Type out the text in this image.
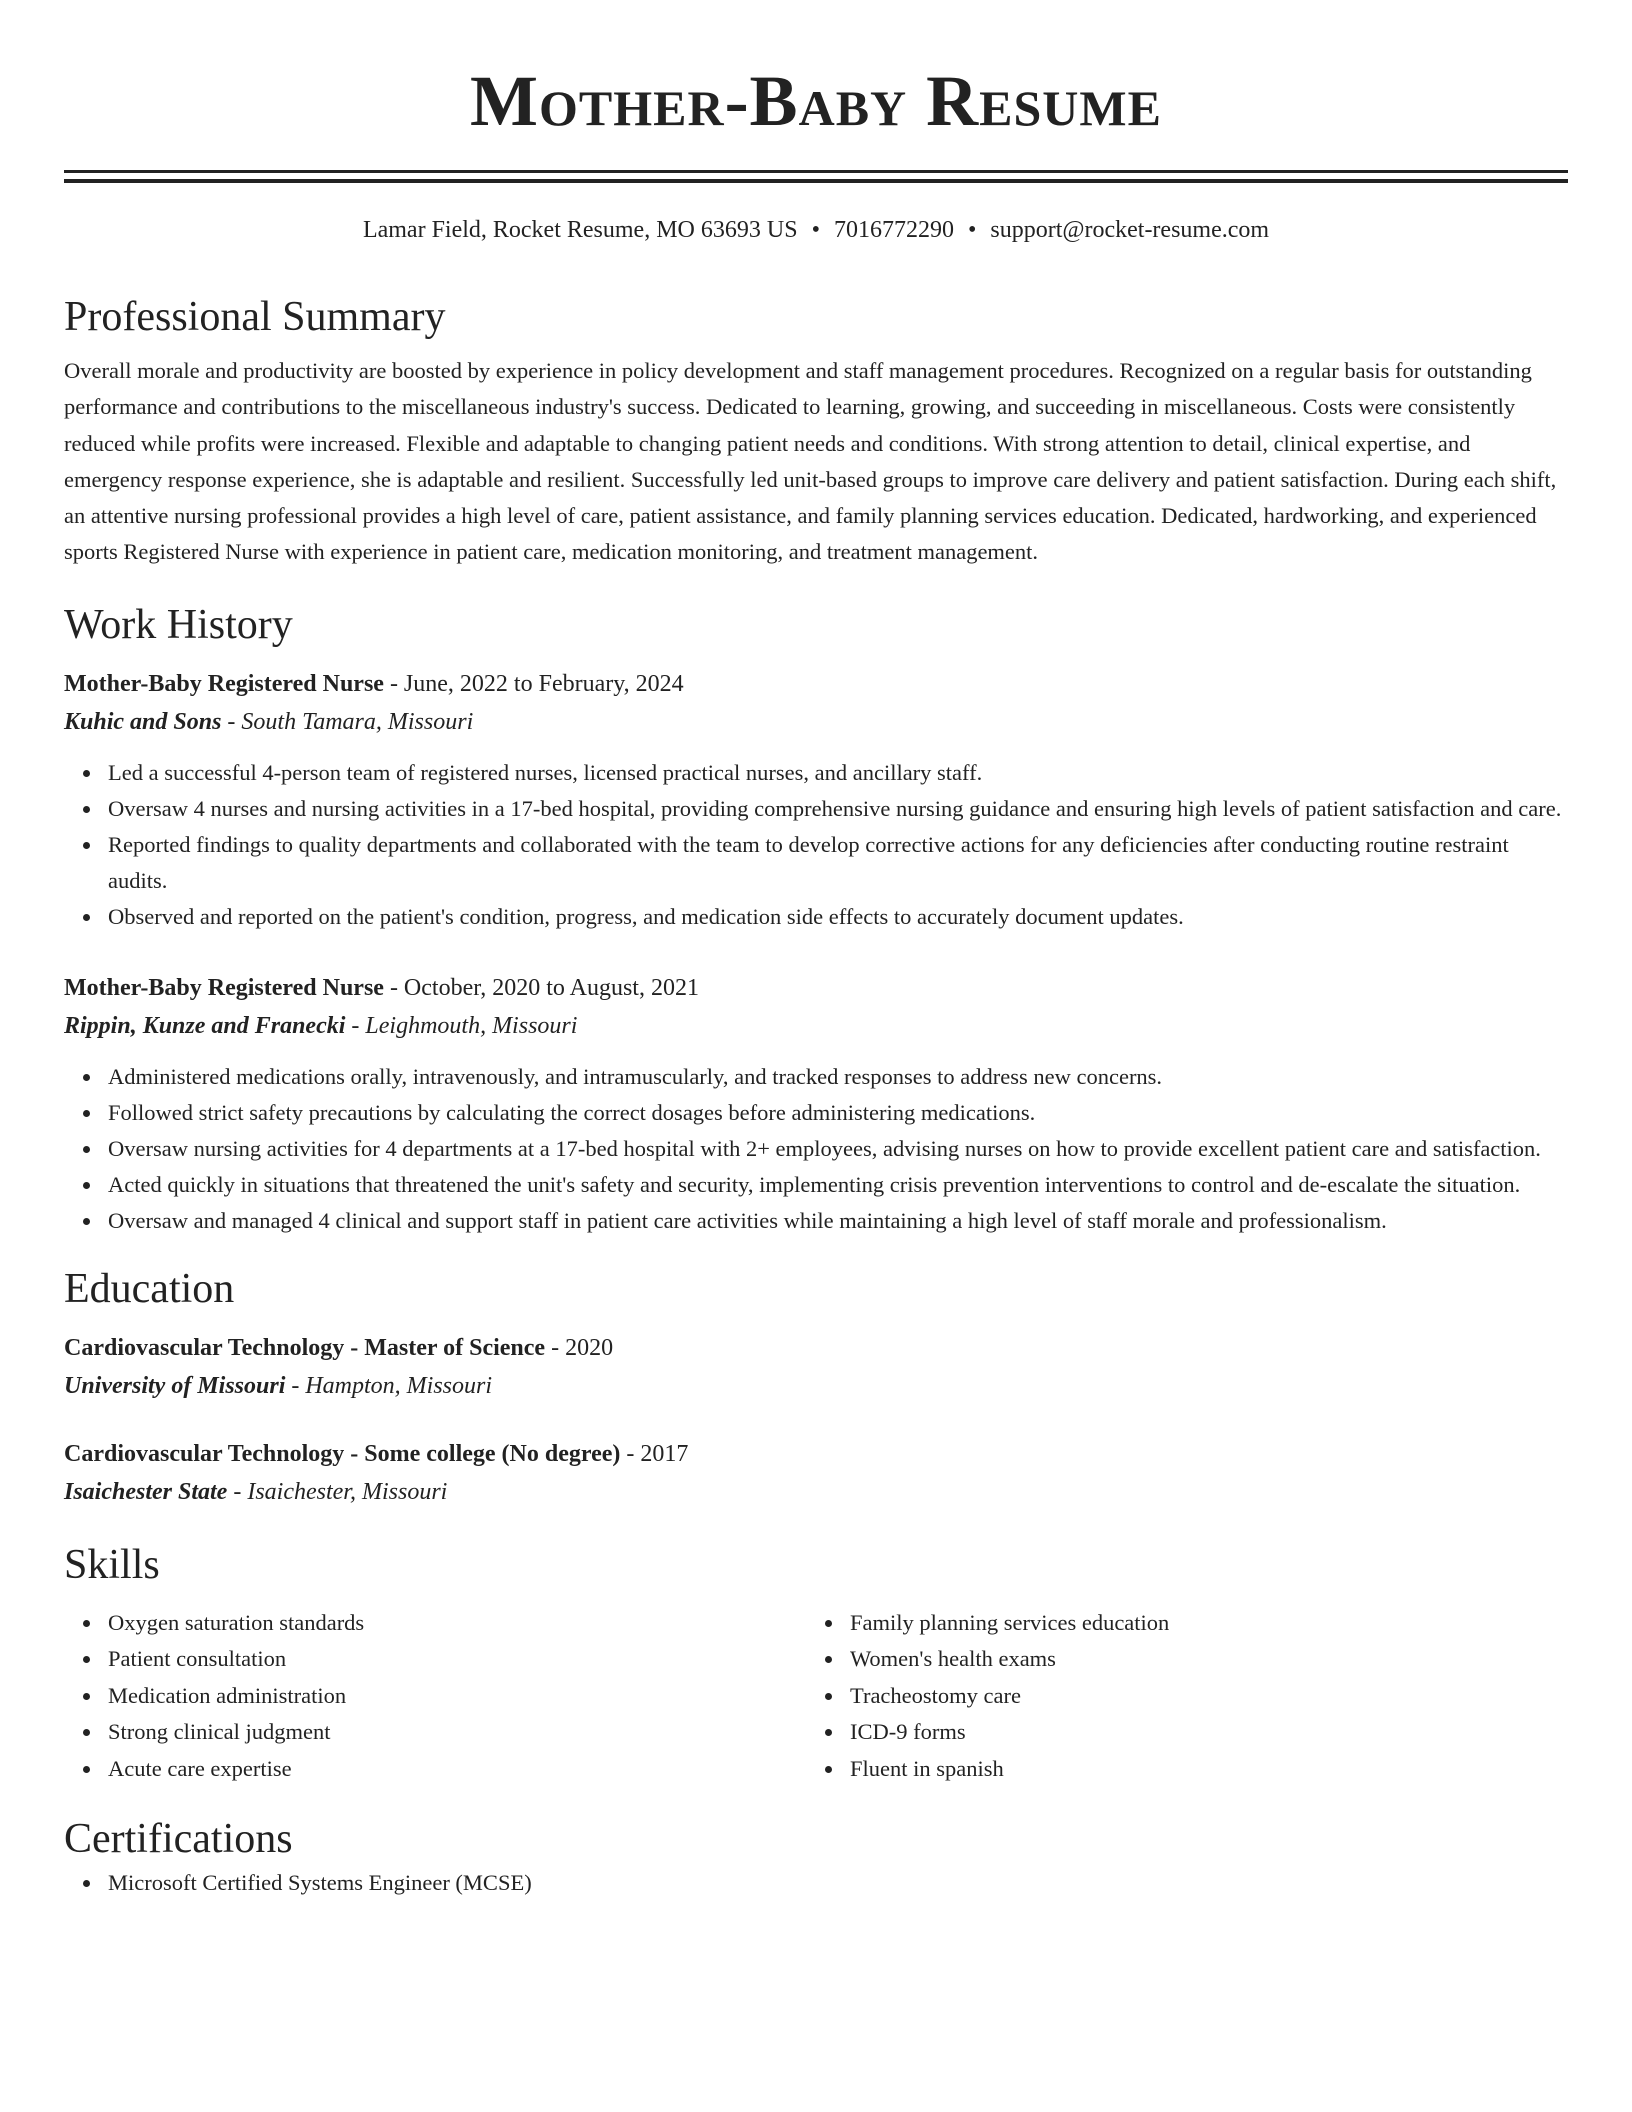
Mother-Baby Resume
Lamar Field, Rocket Resume, MO 63693 US • 7016772290 • support@rocket-resume.com
Professional Summary

Overall morale and productivity are boosted by experience in policy development and staff management procedures. Recognized on a regular basis for outstanding performance and contributions to the miscellaneous industry's success. Dedicated to learning, growing, and succeeding in miscellaneous. Costs were consistently reduced while profits were increased. Flexible and adaptable to changing patient needs and conditions. With strong attention to detail, clinical expertise, and emergency response experience, she is adaptable and resilient. Successfully led unit-based groups to improve care delivery and patient satisfaction. During each shift, an attentive nursing professional provides a high level of care, patient assistance, and family planning services education. Dedicated, hardworking, and experienced sports Registered Nurse with experience in patient care, medication monitoring, and treatment management.

Work History
Mother-Baby Registered Nurse - June, 2022 to February, 2024
Kuhic and Sons - South Tamara, Missouri
Led a successful 4-person team of registered nurses, licensed practical nurses, and ancillary staff.
Oversaw 4 nurses and nursing activities in a 17-bed hospital, providing comprehensive nursing guidance and ensuring high levels of patient satisfaction and care.
Reported findings to quality departments and collaborated with the team to develop corrective actions for any deficiencies after conducting routine restraint audits.
Observed and reported on the patient's condition, progress, and medication side effects to accurately document updates.
Mother-Baby Registered Nurse - October, 2020 to August, 2021
Rippin, Kunze and Franecki - Leighmouth, Missouri
Administered medications orally, intravenously, and intramuscularly, and tracked responses to address new concerns.
Followed strict safety precautions by calculating the correct dosages before administering medications.
Oversaw nursing activities for 4 departments at a 17-bed hospital with 2+ employees, advising nurses on how to provide excellent patient care and satisfaction.
Acted quickly in situations that threatened the unit's safety and security, implementing crisis prevention interventions to control and de-escalate the situation.
Oversaw and managed 4 clinical and support staff in patient care activities while maintaining a high level of staff morale and professionalism.
Education
Cardiovascular Technology - Master of Science - 2020
University of Missouri - Hampton, Missouri
Cardiovascular Technology - Some college (No degree) - 2017
Isaichester State - Isaichester, Missouri
Skills
Oxygen saturation standards
Patient consultation
Medication administration
Strong clinical judgment
Acute care expertise
Family planning services education
Women's health exams
Tracheostomy care
ICD-9 forms
Fluent in spanish
Certifications
Microsoft Certified Systems Engineer (MCSE)
